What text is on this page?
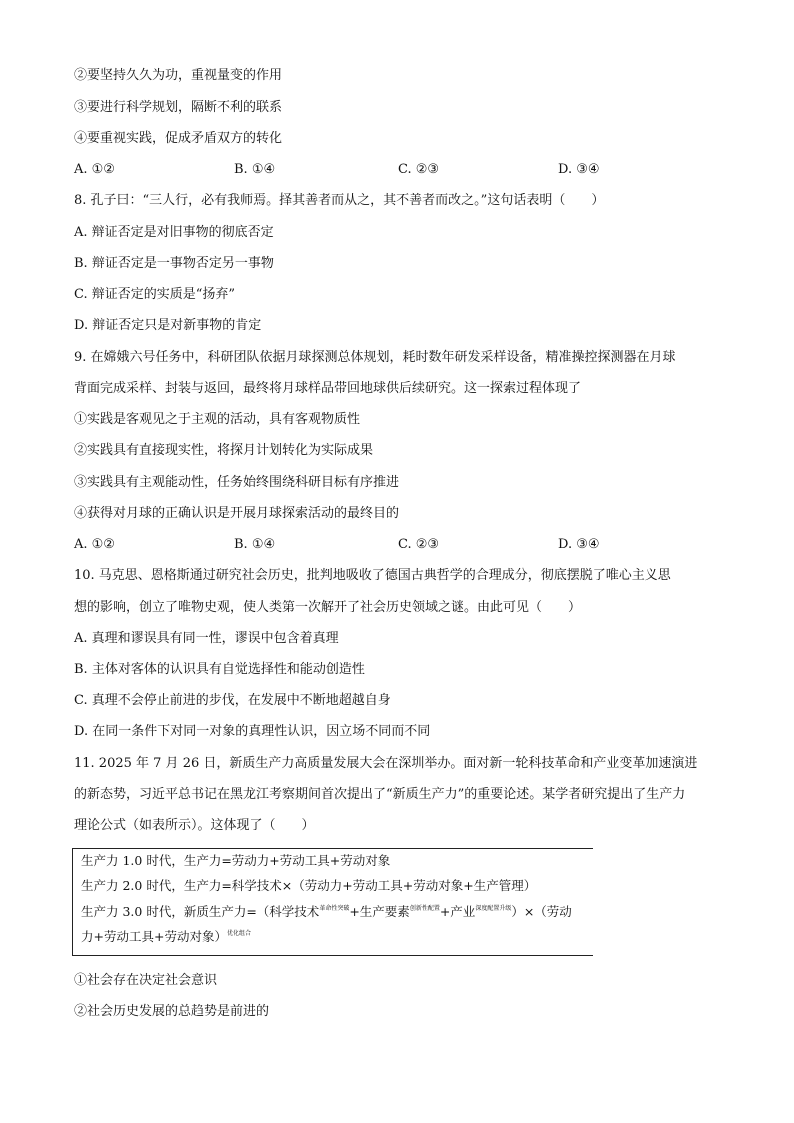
②要坚持久久为功，重视量变的作用
③要进行科学规划，隔断不利的联系
④要重视实践，促成矛盾双方的转化
A. ①②	B. ①④	C. ②③	D. ③④
8. 孔子曰：“三人行，必有我师焉。择其善者而从之，其不善者而改之。”这句话表明（　　）
A. 辩证否定是对旧事物的彻底否定
B. 辩证否定是一事物否定另一事物
C. 辩证否定的实质是“扬弃”
D. 辩证否定只是对新事物的肯定
9. 在嫦娥六号任务中，科研团队依据月球探测总体规划，耗时数年研发采样设备，精准操控探测器在月球
背面完成采样、封装与返回，最终将月球样品带回地球供后续研究。这一探索过程体现了
①实践是客观见之于主观的活动，具有客观物质性
②实践具有直接现实性，将探月计划转化为实际成果
③实践具有主观能动性，任务始终围绕科研目标有序推进
④获得对月球的正确认识是开展月球探索活动的最终目的
A. ①②	B. ①④	C. ②③	D. ③④
10. 马克思、恩格斯通过研究社会历史，批判地吸收了德国古典哲学的合理成分，彻底摆脱了唯心主义思
想的影响，创立了唯物史观，使人类第一次解开了社会历史领域之谜。由此可见（　　）
A. 真理和谬误具有同一性，谬误中包含着真理
B. 主体对客体的认识具有自觉选择性和能动创造性
C. 真理不会停止前进的步伐，在发展中不断地超越自身
D. 在同一条件下对同一对象的真理性认识，因立场不同而不同
11. 2025 年 7 月 26 日，新质生产力高质量发展大会在深圳举办。面对新一轮科技革命和产业变革加速演进
的新态势，习近平总书记在黑龙江考察期间首次提出了“新质生产力”的重要论述。某学者研究提出了生产力
理论公式（如表所示）。这体现了（　　）
生产力 1.0 时代，生产力=劳动力+劳动工具+劳动对象
生产力 2.0 时代，生产力=科学技术×（劳动力+劳动工具+劳动对象+生产管理）
生产力 3.0 时代，新质生产力=（科学技术$^{革命性突破}$+生产要素$^{创新性配置}$+产业$^{深度配置升级}$）×（劳动
力+劳动工具+劳动对象）$^{优化组合}$
①社会存在决定社会意识
②社会历史发展的总趋势是前进的
